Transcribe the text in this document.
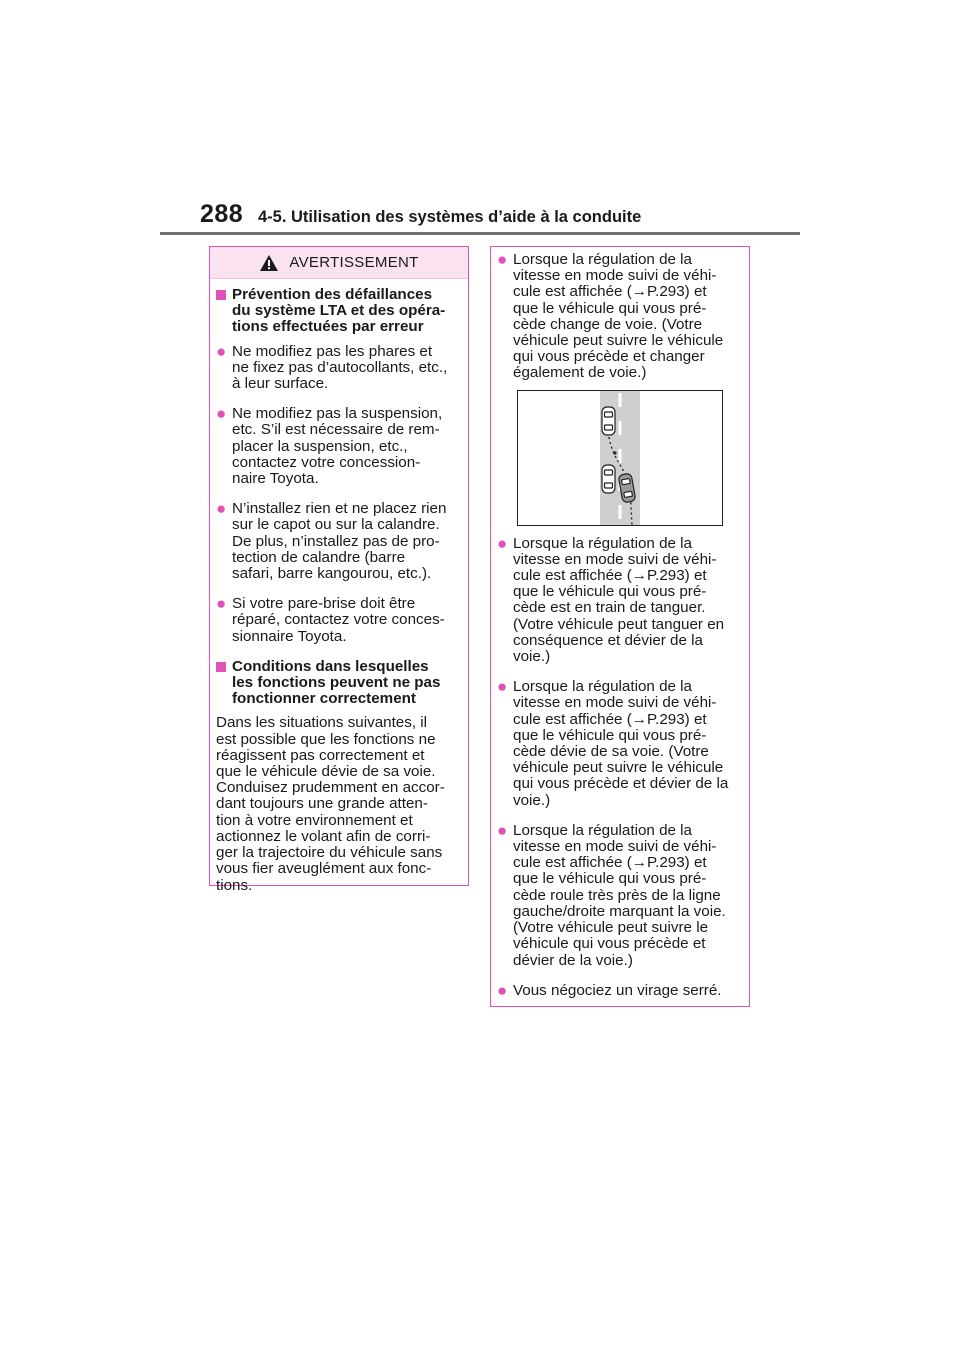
288 4-5. Utilisation des systèmes d’aide à la conduite
AVERTISSEMENT
Prévention des défaillances
du système LTA et des opéra-
tions effectuées par erreur
● Ne modifiez pas les phares et
ne fixez pas d’autocollants, etc.,
à leur surface.
● Ne modifiez pas la suspension,
etc. S’il est nécessaire de rem-
placer la suspension, etc.,
contactez votre concession-
naire Toyota.
● N’installez rien et ne placez rien
sur le capot ou sur la calandre.
De plus, n’installez pas de pro-
tection de calandre (barre
safari, barre kangourou, etc.).
● Si votre pare-brise doit être
réparé, contactez votre conces-
sionnaire Toyota.
Conditions dans lesquelles
les fonctions peuvent ne pas
fonctionner correctement
Dans les situations suivantes, il
est possible que les fonctions ne
réagissent pas correctement et
que le véhicule dévie de sa voie.
Conduisez prudemment en accor-
dant toujours une grande atten-
tion à votre environnement et
actionnez le volant afin de corri-
ger la trajectoire du véhicule sans
vous fier aveuglément aux fonc-
tions.
● Lorsque la régulation de la
vitesse en mode suivi de véhi-
cule est affichée (→P.293) et
que le véhicule qui vous pré-
cède change de voie. (Votre
véhicule peut suivre le véhicule
qui vous précède et changer
également de voie.)
● Lorsque la régulation de la
vitesse en mode suivi de véhi-
cule est affichée (→P.293) et
que le véhicule qui vous pré-
cède est en train de tanguer.
(Votre véhicule peut tanguer en
conséquence et dévier de la
voie.)
● Lorsque la régulation de la
vitesse en mode suivi de véhi-
cule est affichée (→P.293) et
que le véhicule qui vous pré-
cède dévie de sa voie. (Votre
véhicule peut suivre le véhicule
qui vous précède et dévier de la
voie.)
● Lorsque la régulation de la
vitesse en mode suivi de véhi-
cule est affichée (→P.293) et
que le véhicule qui vous pré-
cède roule très près de la ligne
gauche/droite marquant la voie.
(Votre véhicule peut suivre le
véhicule qui vous précède et
dévier de la voie.)
● Vous négociez un virage serré.
